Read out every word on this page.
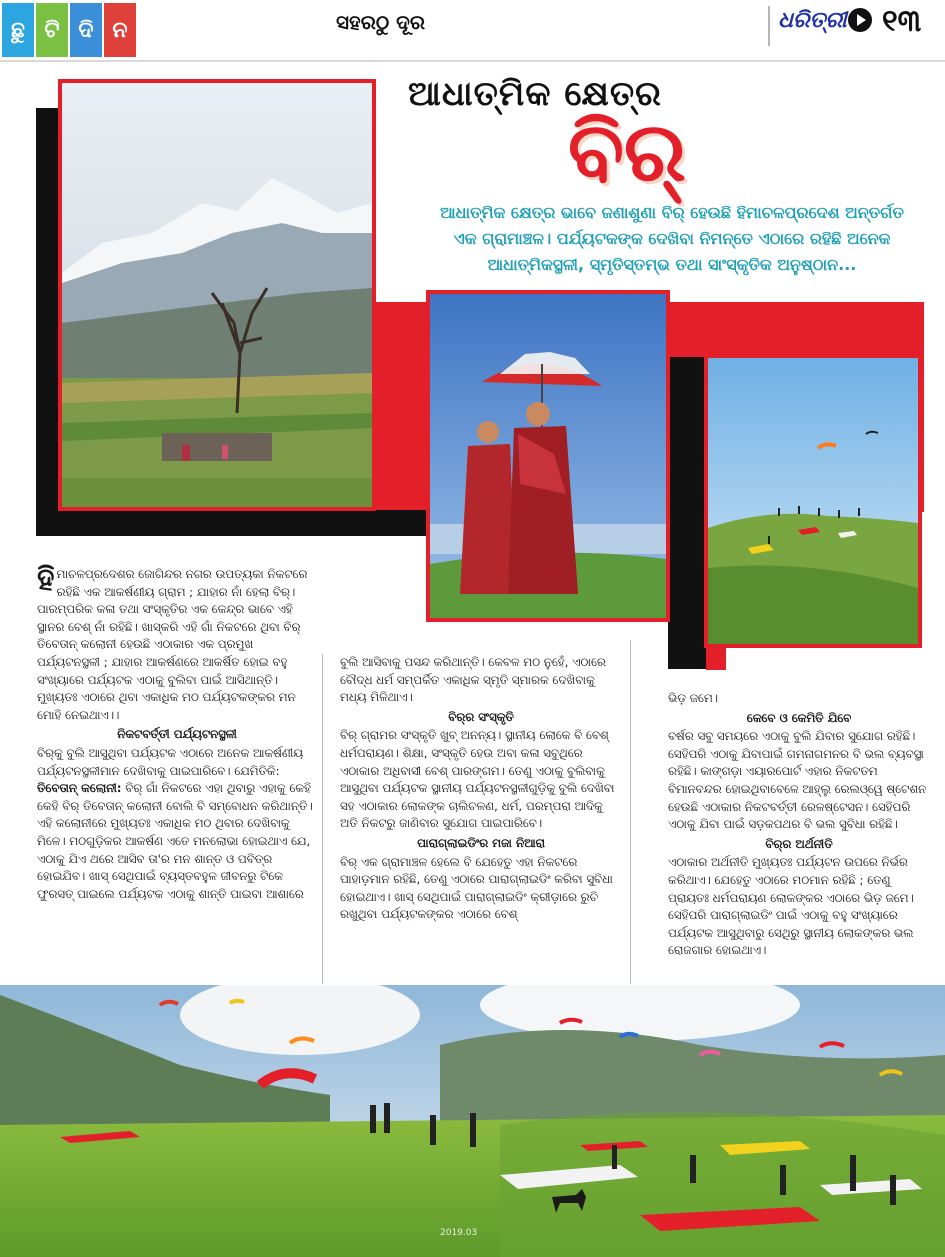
ଛୁ ଟି ଦି ନ	ସହରଠୁ ଦୂର	ଧରିତ୍ରୀ ୧୩
ଆଧାତ୍ମିକ କ୍ଷେତ୍ର
ବିର୍
ଆଧାତ୍ମିକ କ୍ଷେତ୍ର ଭାବେ ଜଣାଶୁଣା ବିର୍ ହେଉଛି ହିମାଚଳପ୍ରଦେଶ ଅନ୍ତର୍ଗତ ଏକ ଗ୍ରାମାଞ୍ଚଳ। ପର୍ଯ୍ୟଟକଙ୍କ ଦେଖିବା ନିମନ୍ତେ ଏଠାରେ ରହିଛି ଅନେକ ଆଧାତ୍ମିକସ୍ଥଳୀ, ସ୍ମୃତିସ୍ତମ୍ଭ ତଥା ସାଂସ୍କୃତିକ ଅନୁଷ୍ଠାନ...

ହିମାଚଳପ୍ରଦେଶର ଜୋଗିନ୍ଦର ନଗର ଉପତ୍ୟକା ନିକଟରେ ରହିଛି ଏକ ଆକର୍ଷଣୀୟ ଗ୍ରାମ ; ଯାହାର ନାଁ ହେଲା ବିର୍। ପାରମ୍ପରିକ କଳା ତଥା ସଂସ୍କୃତିର ଏକ କେନ୍ଦ୍ର ଭାବେ ଏହି ସ୍ଥାନର ବେଶ୍ ନାଁ ରହିଛି। ଖାସ୍‌କରି ଏହି ଗାଁ ନିକଟରେ ଥିବା ବିର୍ ତିବେତାନ୍ କଲୋନୀ ହେଉଛି ଏଠାକାର ଏକ ପ୍ରମୁଖ ପର୍ଯ୍ୟଟନସ୍ଥଳୀ ; ଯାହାର ଆକର୍ଷଣରେ ଆକର୍ଷିତ ହୋଇ ବହୁ ସଂଖ୍ୟାରେ ପର୍ଯ୍ୟଟକ ଏଠାକୁ ବୁଲିବା ପାଇଁ ଆସିଥାନ୍ତି। ମୁଖ୍ୟତଃ ଏଠାରେ ଥିବା ଏକାଧିକ ମଠ ପର୍ଯ୍ୟଟକଙ୍କର ମନ ମୋହି ନେଇଥାଏ।।

ନିକଟବର୍ତ୍ତୀ ପର୍ଯ୍ୟଟନସ୍ଥଳୀ

ବିର୍‌କୁ ବୁଲି ଆସୁଥିବା ପର୍ଯ୍ୟଟକ ଏଠାରେ ଅନେକ ଆକର୍ଷଣୀୟ ପର୍ଯ୍ୟଟନସ୍ଥଳୀମାନ ଦେଖିବାକୁ ପାଇପାରିବେ। ଯେମିତିକି:

ତିବେତାନ୍ କଲୋନୀ: ବିର୍ ଗାଁ ନିକଟରେ ଏହା ଥିବାରୁ ଏହାକୁ କେହି କେହି ବିର୍ ତିବେତାନ୍ କଲୋନୀ ବୋଲି ବି ସମ୍ବୋଧନ କରିଥାନ୍ତି। ଏହି କଲୋନୀରେ ମୁଖ୍ୟତଃ ଏକାଧିକ ମଠ ଥିବାର ଦେଖିବାକୁ ମିଳେ। ମଠଗୁଡ଼ିକର ଆକର୍ଷଣ ଏତେ ମନଲୋଭା ହୋଇଥାଏ ଯେ, ଏଠାକୁ ଯିଏ ଥରେ ଆସିବ ତା'ର ମନ ଶାନ୍ତ ଓ ପବିତ୍ର ହୋଇଯିବ। ଖାସ୍ ସେଥିପାଇଁ ବ୍ୟସ୍ତବହୁଳ ଜୀବନରୁ ଟିକେ ଫୁରସତ୍ ପାଇଲେ ପର୍ଯ୍ୟଟକ ଏଠାକୁ ଶାନ୍ତି ପାଇବା ଆଶାରେ

ବୁଲି ଆସିବାକୁ ପସନ୍ଦ କରିଥାନ୍ତି। କେବଳ ମଠ ନୁହେଁ, ଏଠାରେ ବୌଦ୍ଧ ଧର୍ମ ସମ୍ପର୍କିତ ଏକାଧିକ ସ୍ମୃତି ସ୍ମାରକ ଦେଖିବାକୁ ମଧ୍ୟ ମିଳିଥାଏ।

ବିର୍‌ର ସଂସ୍କୃତି

ବିର୍ ଗ୍ରାମର ସଂସ୍କୃତି ଖୁବ୍ ଅନନ୍ୟ। ସ୍ଥାନୀୟ ଲୋକେ ବି ବେଶ୍ ଧର୍ମପରାୟଣ। ଶିକ୍ଷା, ସଂସ୍କୃତି ହେଉ ଅବା କଳା ସବୁଥିରେ ଏଠାକାର ଅଧିବାସୀ ବେଶ୍ ପାରଙ୍ଗମ। ତେଣୁ ଏଠାକୁ ବୁଲିବାକୁ ଆସୁଥିବା ପର୍ଯ୍ୟଟକ ସ୍ଥାନୀୟ ପର୍ଯ୍ୟଟନସ୍ଥଳୀଗୁଡ଼ିକୁ ବୁଲି ଦେଖିବା ସହ ଏଠାକାର ଲୋକଙ୍କ ଚାଲିଚଳଣ, ଧର୍ମ, ପରମ୍ପରା ଆଦିକୁ ଅତି ନିକଟରୁ ଜାଣିବାର ସୁଯୋଗ ପାଇପାରିବେ।

ପାରାଗ୍ଲାଇଡିଂର ମଜା ନିଆରା

ବିର୍ ଏକ ଗ୍ରାମାଞ୍ଚଳ ହେଲେ ବି ଯେହେତୁ ଏହା ନିକଟରେ ପାହାଡ଼ମାନ ରହିଛି, ତେଣୁ ଏଠାରେ ପାରାଗ୍ଲାଇଡିଂ କରିବା ସୁବିଧା ହୋଇଥାଏ। ଖାସ୍ ସେଥିପାଇଁ ପାରାଗ୍ଲାଇଡିଂ କ୍ରୀଡ଼ାରେ ରୁଚି ରଖୁଥିବା ପର୍ଯ୍ୟଟକଙ୍କର ଏଠାରେ ବେଶ୍

ଭିଡ଼ ଜମେ।

କେବେ ଓ କେମିତି ଯିବେ

ବର୍ଷର ସବୁ ସମୟରେ ଏଠାକୁ ବୁଲି ଯିବାର ସୁଯୋଗ ରହିଛି। ସେହିପରି ଏଠାକୁ ଯିବାପାଇଁ ଗମନାଗମନର ବି ଭଲ ବ୍ୟବସ୍ଥା ରହିଛି। କାଙ୍ଗଡ଼ା ଏୟାରପୋର୍ଟ ଏହାର ନିକଟତମ ବିମାନବନ୍ଦର ହୋଇଥିବାବେଳେ ଆହ୍ଲୁ ରେଲଓ୍ୱେ ଷ୍ଟେଶନ ହେଉଛି ଏଠାକାର ନିକଟବର୍ତ୍ତୀ ରେଳଷ୍ଟେସନ। ସେହିପରି ଏଠାକୁ ଯିବା ପାଇଁ ସଡ଼କପଥର ବି ଭଲ ସୁବିଧା ରହିଛି।

ବିର୍‌ର ଅର୍ଥନୀତି

ଏଠାକାର ଅର୍ଥନୀତି ମୁଖ୍ୟତଃ ପର୍ଯ୍ୟଟନ ଉପରେ ନିର୍ଭର କରିଥାଏ। ଯେହେତୁ ଏଠାରେ ମଠମାନ ରହିଛି ; ତେଣୁ ପ୍ରାୟତଃ ଧର୍ମପରାୟଣ ଲୋକଙ୍କର ଏଠାରେ ଭିଡ଼ ଜମେ। ସେହିପରି ପାରାଗ୍ଲାଇଡିଂ ପାଇଁ ଏଠାକୁ ବହୁ ସଂଖ୍ୟାରେ ପର୍ଯ୍ୟଟକ ଆସୁଥିବାରୁ ସେଥିରୁ ସ୍ଥାନୀୟ ଲୋକଙ୍କର ଭଲ ରୋଜଗାର ହୋଇଥାଏ।

2019.03
